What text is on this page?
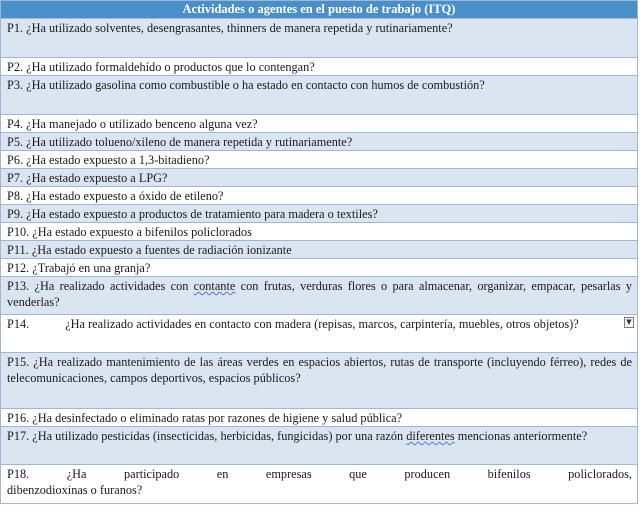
Actividades o agentes en el puesto de trabajo (ITQ)
P1. ¿Ha utilizado solventes, desengrasantes, thinners de manera repetida y rutinariamente?
P2. ¿Ha utilizado formaldehído o productos que lo contengan?
P3. ¿Ha utilizado gasolina como combustible o ha estado en contacto con humos de combustión?
P4. ¿Ha manejado o utilizado benceno alguna vez?
P5. ¿Ha utilizado tolueno/xileno de manera repetida y rutinariamente?
P6. ¿Ha estado expuesto a 1,3-bitadieno?
P7. ¿Ha estado expuesto a LPG?
P8. ¿Ha estado expuesto a óxido de etileno?
P9. ¿Ha estado expuesto a productos de tratamiento para madera o textiles?
P10. ¿Ha estado expuesto a bifenilos policlorados
P11. ¿Ha estado expuesto a fuentes de radiación ionizante
P12. ¿Trabajó en una granja?
P13. ¿Ha realizado actividades con contante con frutas, verduras flores o para almacenar, organizar, empacar, pesarlas y venderlas?
P14.	¿Ha realizado actividades en contacto con madera (repisas, marcos, carpintería, muebles, otros objetos)?	▼
P15. ¿Ha realizado mantenimiento de las áreas verdes en espacios abiertos, rutas de transporte (incluyendo férreo), redes de telecomunicaciones, campos deportivos, espacios públicos?
P16. ¿Ha desinfectado o eliminado ratas por razones de higiene y salud pública?
P17. ¿Ha utilizado pesticidas (insecticidas, herbicidas, fungicidas) por una razón diferentes mencionas anteriormente?
P18.	¿Ha participado en empresas que producen bifenilos policlorados,
dibenzodioxinas o furanos?
